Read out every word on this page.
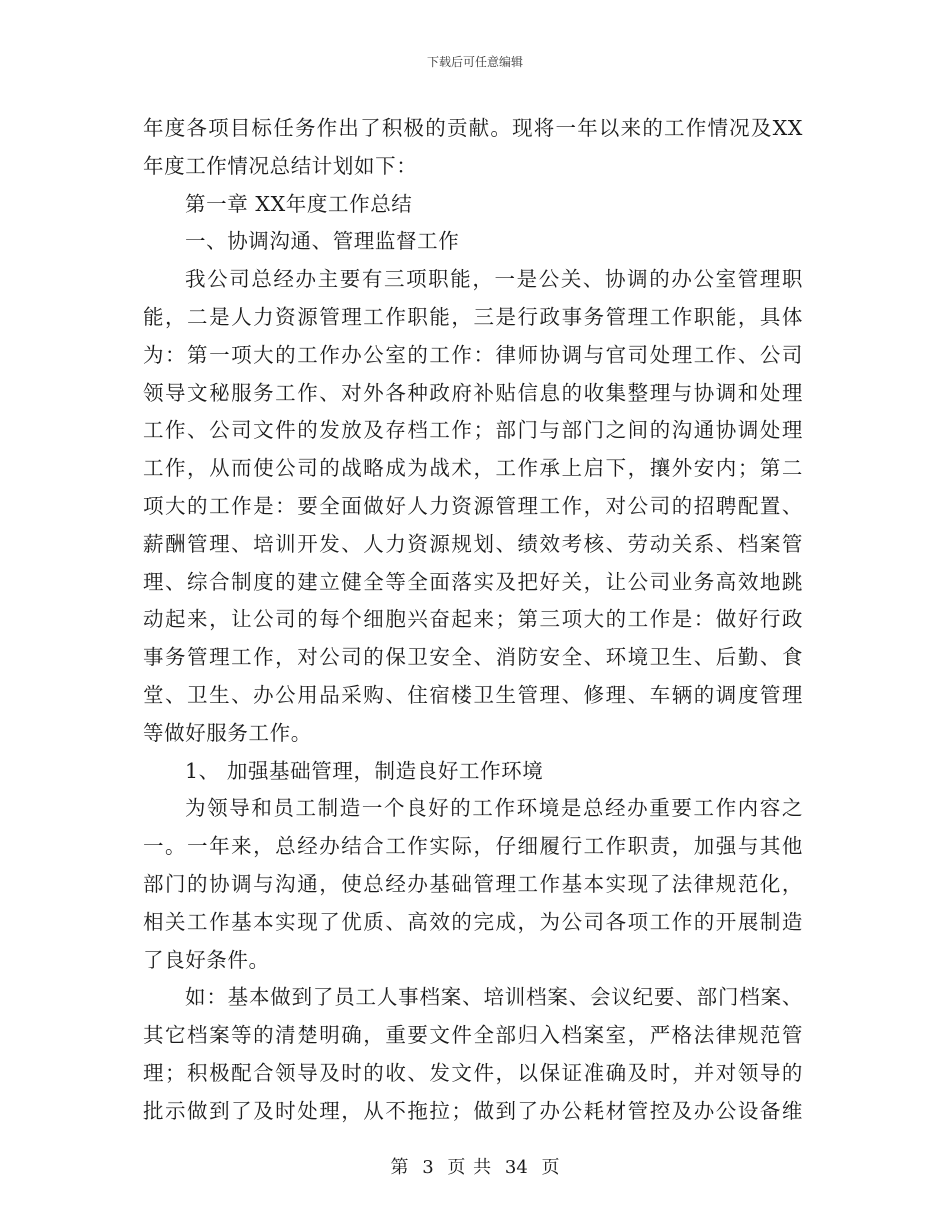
下载后可任意编辑
年度各项目标任务作出了积极的贡献。现将一年以来的工作情况及XX
年度工作情况总结计划如下：
第一章 XX年度工作总结
一、协调沟通、管理监督工作
我公司总经办主要有三项职能，一是公关、协调的办公室管理职
能，二是人力资源管理工作职能，三是行政事务管理工作职能，具体
为：第一项大的工作办公室的工作：律师协调与官司处理工作、公司
领导文秘服务工作、对外各种政府补贴信息的收集整理与协调和处理
工作、公司文件的发放及存档工作；部门与部门之间的沟通协调处理
工作，从而使公司的战略成为战术，工作承上启下，攘外安内；第二
项大的工作是：要全面做好人力资源管理工作，对公司的招聘配置、
薪酬管理、培训开发、人力资源规划、绩效考核、劳动关系、档案管
理、综合制度的建立健全等全面落实及把好关，让公司业务高效地跳
动起来，让公司的每个细胞兴奋起来；第三项大的工作是：做好行政
事务管理工作，对公司的保卫安全、消防安全、环境卫生、后勤、食
堂、卫生、办公用品采购、住宿楼卫生管理、修理、车辆的调度管理
等做好服务工作。
1、 加强基础管理，制造良好工作环境
为领导和员工制造一个良好的工作环境是总经办重要工作内容之
一。一年来，总经办结合工作实际，仔细履行工作职责，加强与其他
部门的协调与沟通，使总经办基础管理工作基本实现了法律规范化，
相关工作基本实现了优质、高效的完成，为公司各项工作的开展制造
了良好条件。
如：基本做到了员工人事档案、培训档案、会议纪要、部门档案、
其它档案等的清楚明确，重要文件全部归入档案室，严格法律规范管
理；积极配合领导及时的收、发文件，以保证准确及时，并对领导的
批示做到了及时处理，从不拖拉；做到了办公耗材管控及办公设备维
第 3 页 共 34 页
